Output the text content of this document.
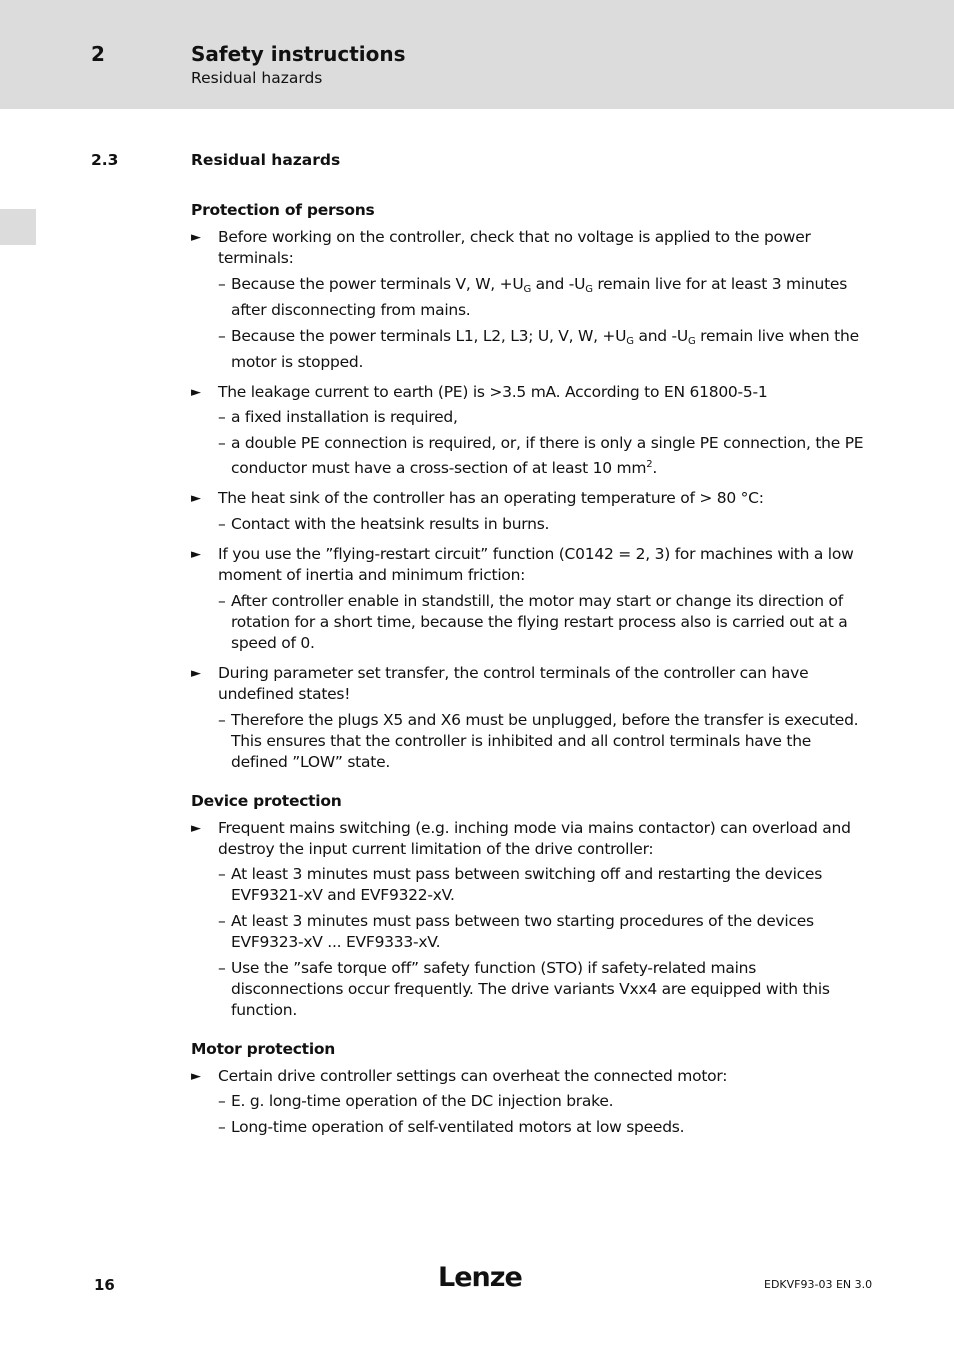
2	Safety instructions
Residual hazards
2.3	Residual hazards
Protection of persons
► Before working on the controller, check that no voltage is applied to the power terminals:
– Because the power terminals V, W, $+U_G$ and $-U_G$ remain live for at least 3 minutes after disconnecting from mains.
– Because the power terminals L1, L2, L3; U, V, W, $+U_G$ and $-U_G$ remain live when the motor is stopped.
► The leakage current to earth (PE) is >3.5 mA. According to EN 61800-5-1
– a fixed installation is required,
– a double PE connection is required, or, if there is only a single PE connection, the PE conductor must have a cross-section of at least 10 $mm^2$.
► The heat sink of the controller has an operating temperature of > 80 °C:
– Contact with the heatsink results in burns.
► If you use the ”flying-restart circuit” function (C0142 = 2, 3) for machines with a low moment of inertia and minimum friction:
– After controller enable in standstill, the motor may start or change its direction of rotation for a short time, because the flying restart process also is carried out at a speed of 0.
► During parameter set transfer, the control terminals of the controller can have undefined states!
– Therefore the plugs X5 and X6 must be unplugged, before the transfer is executed. This ensures that the controller is inhibited and all control terminals have the defined ”LOW” state.
Device protection
► Frequent mains switching (e.g. inching mode via mains contactor) can overload and destroy the input current limitation of the drive controller:
– At least 3 minutes must pass between switching off and restarting the devices EVF9321-xV and EVF9322-xV.
– At least 3 minutes must pass between two starting procedures of the devices EVF9323-xV ... EVF9333-xV.
– Use the ”safe torque off” safety function (STO) if safety-related mains disconnections occur frequently. The drive variants Vxx4 are equipped with this function.
Motor protection
► Certain drive controller settings can overheat the connected motor:
– E. g. long-time operation of the DC injection brake.
– Long-time operation of self-ventilated motors at low speeds.
16	Lenze	EDKVF93-03 EN 3.0
